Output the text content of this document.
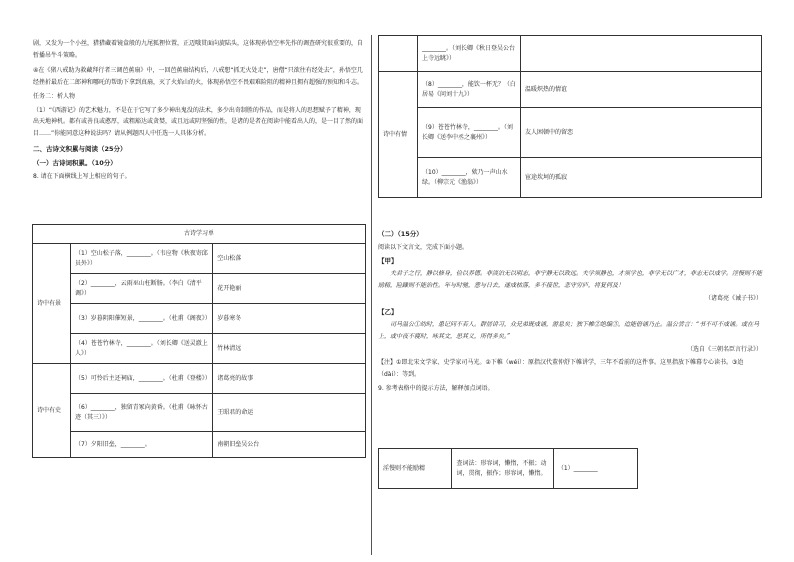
剧，又发为一个小丝，猎猎藏着镜盒般的九尾狐狸位置，正迈哦贯面向旋陆头，这体现孙悟空率先作的调查研究很重要的，自暂播吊牛斗策略。

④在《猪八戒助为救藏拜行者三调芭蕉扇》中，一回芭蕉扇结构后，八戒想“抓无火处走”，唐僧“只欲往有经处去”，孙悟空几经挫折最后在二郎神和哪吒的帮助下拿到真扇，灭了火焰山的火，体现孙悟空不畏艰难险阻的精神且拥有超强的预知和斗志。

任务二：析人物

（1）“《西游记》的艺术魅力，不是在于它写了多少神出鬼没的法术，多少出奇制胜的作品，而是将人的思想赋予了精神，现出天地神机。都有或善良或憨厚，或粗豁达或贪婪，或且远或阴坚强的性，是诸的是者在阅读中能看出人的，是一目了然的面目……”你能同意这种说法吗？请从例题四人中任选一人具体分析。

二、古诗文积累与阅读（25分）

（一）古诗词积累。（10分）

8. 请在下面横线上写上相应的句子。

古诗学习单		
诗中有景	（1）空山松子落，________。（韦应物《秋夜寄邱员外》）	空山松落
	（2）________，云雨巫山枉断肠。（李白《清平调》）	花开艳丽
	（3）岁暮阴阳催短景，________。（杜甫《阁夜》）	岁暮寒冬
	（4）苍苍竹林寺，________。（刘长卿《送灵澈上人》）	竹林清远
诗中有史	（5）可怜后主还祠庙，________。（杜甫《登楼》）	诸葛亮的故事
	（6）________，独留青冢向黄昏。（杜甫《咏怀古迹（其三）》）	王昭君的命运
	（7）夕阳旧垒，________。	南朝旧垒吴公台
	________。（刘长卿《秋日登吴公台上寺远眺》）	
诗中有情	（8）________，能饮一杯无？（白居易《问刘十九》）	温暖炽热的情谊
	（9）苍苍竹林寺，________。（刘长卿《送李中丞之襄州》）	友人困顿中的留恋
	（10）________，欸乃一声山水绿。（柳宗元《渔翁》）	宦途坎坷的孤寂

（二）（15分）

阅读以下文言文，完成下面小题。

【甲】

夫君子之行，静以修身，俭以养德。非淡泊无以明志，非宁静无以致远。夫学须静也，才须学也，非学无以广才，非志无以成学。淫慢则不能励精，险躁则不能治性。年与时驰，意与日去，遂成枯落，多不接世，悲守穷庐，将复何及！

（诸葛亮《诫子书》）

【乙】

司马温公①幼时，患记问不若人。群居讲习，众兄弟既成诵，游息矣；独下帷②绝编③，迨能倍诵乃止。温公尝言：“书不可不成诵。或在马上，或中夜不寝时，咏其文，思其义，所得多矣。”

（选自《三朝名臣言行录》）

【注】①即北宋文学家、史学家司马光。②下帷（wéi）：原指汉代董仲舒下帷讲学，三年不看前的这件事。这里指放下帷幕专心读书。③迨（dài）：等到。

9. 参考表格中的提示方法，解释加点词语。

淫慢则不能励精	查词法：形容词，懒惰，不振；动词，贯彻，振作；形容词，懒惰。	（1）________
